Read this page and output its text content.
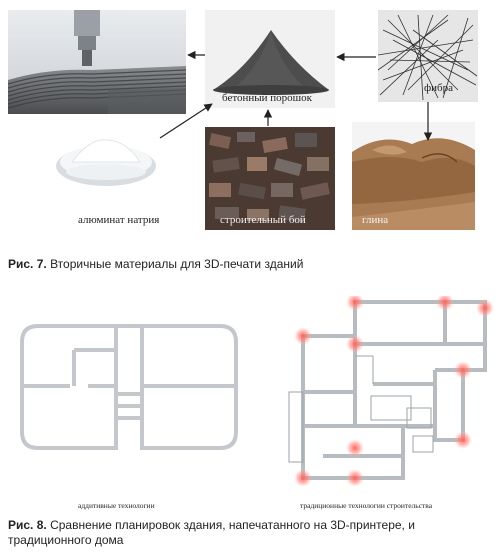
бетонный порошок
фибра
алюминат натрия	строительный бой	глина
Рис. 7. Вторичные материалы для 3D-печати зданий
аддитивные технологии	традиционные технологии строительства
Рис. 8. Сравнение планировок здания, напечатанного на 3D-принтере, и
традиционного дома
